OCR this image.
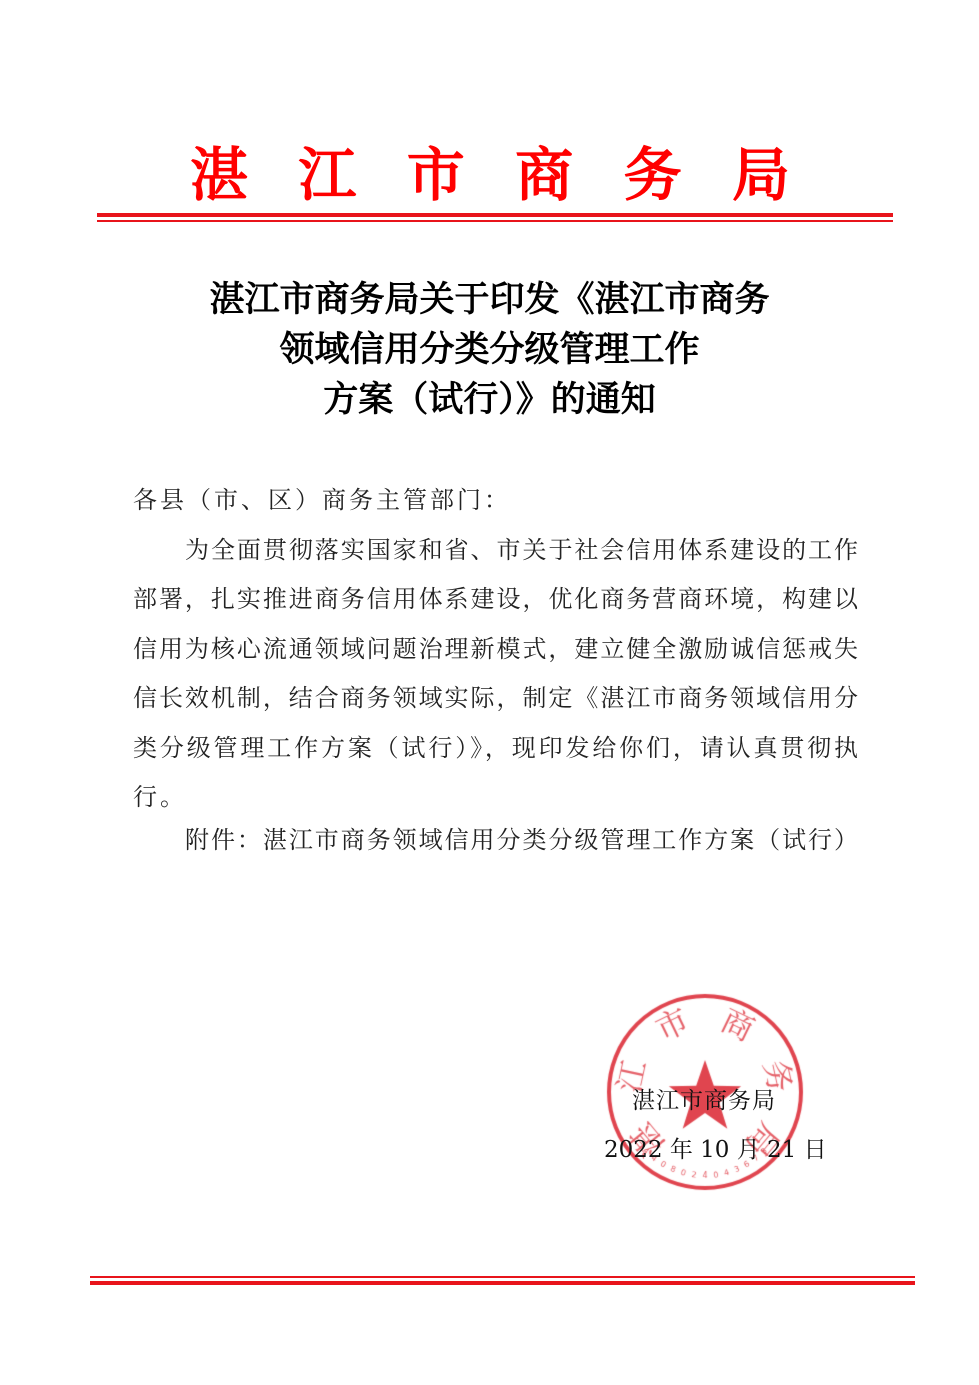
湛 江 市 商 务 局
湛江市商务局关于印发《湛江市商务
领域信用分类分级管理工作
方案（试行）》的通知
各县（市、区）商务主管部门：
为全面贯彻落实国家和省、市关于社会信用体系建设的工作
部署，扎实推进商务信用体系建设，优化商务营商环境，构建以
信用为核心流通领域问题治理新模式，建立健全激励诚信惩戒失
信长效机制，结合商务领域实际，制定《湛江市商务领域信用分
类分级管理工作方案（试行）》，现印发给你们，请认真贯彻执
行。
附件：湛江市商务领域信用分类分级管理工作方案（试行）
湛江市商务局
2022 年 10 月 21 日
